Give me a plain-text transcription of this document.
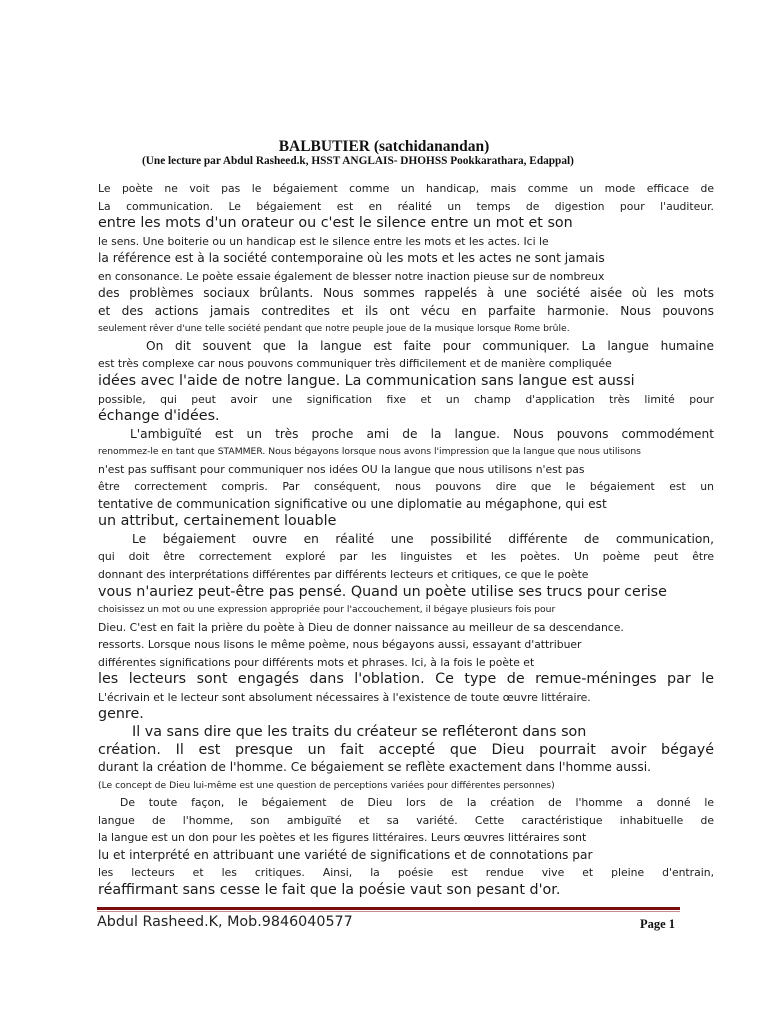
BALBUTIER (satchidanandan)
(Une lecture par Abdul Rasheed.k, HSST ANGLAIS- DHOHSS Pookkarathara, Edappal)
Le poète ne voit pas le bégaiement comme un handicap, mais comme un mode efficace de
La communication. Le bégaiement est en réalité un temps de digestion pour l'auditeur.
entre les mots d'un orateur ou c'est le silence entre un mot et son
le sens. Une boiterie ou un handicap est le silence entre les mots et les actes. Ici le
la référence est à la société contemporaine où les mots et les actes ne sont jamais
en consonance. Le poète essaie également de blesser notre inaction pieuse sur de nombreux
des problèmes sociaux brûlants. Nous sommes rappelés à une société aisée où les mots
et des actions jamais contredites et ils ont vécu en parfaite harmonie. Nous pouvons
seulement rêver d'une telle société pendant que notre peuple joue de la musique lorsque Rome brûle.
On dit souvent que la langue est faite pour communiquer. La langue humaine
est très complexe car nous pouvons communiquer très difficilement et de manière compliquée
idées avec l'aide de notre langue. La communication sans langue est aussi
possible, qui peut avoir une signification fixe et un champ d'application très limité pour
échange d'idées.
L'ambiguïté est un très proche ami de la langue. Nous pouvons commodément
renommez-le en tant que STAMMER. Nous bégayons lorsque nous avons l'impression que la langue que nous utilisons
n'est pas suffisant pour communiquer nos idées OU la langue que nous utilisons n'est pas
être correctement compris. Par conséquent, nous pouvons dire que le bégaiement est un
tentative de communication significative ou une diplomatie au mégaphone, qui est
un attribut, certainement louable
Le bégaiement ouvre en réalité une possibilité différente de communication,
qui doit être correctement exploré par les linguistes et les poètes. Un poème peut être
donnant des interprétations différentes par différents lecteurs et critiques, ce que le poète
vous n'auriez peut-être pas pensé. Quand un poète utilise ses trucs pour cerise
choisissez un mot ou une expression appropriée pour l'accouchement, il bégaye plusieurs fois pour
Dieu. C'est en fait la prière du poète à Dieu de donner naissance au meilleur de sa descendance.
ressorts. Lorsque nous lisons le même poème, nous bégayons aussi, essayant d'attribuer
différentes significations pour différents mots et phrases. Ici, à la fois le poète et
les lecteurs sont engagés dans l'oblation. Ce type de remue-méninges par le
L'écrivain et le lecteur sont absolument nécessaires à l'existence de toute œuvre littéraire.
genre.
Il va sans dire que les traits du créateur se refléteront dans son
création. Il est presque un fait accepté que Dieu pourrait avoir bégayé
durant la création de l'homme. Ce bégaiement se reflète exactement dans l'homme aussi.
(Le concept de Dieu lui-même est une question de perceptions variées pour différentes personnes)
De toute façon, le bégaiement de Dieu lors de la création de l'homme a donné le
langue de l'homme, son ambiguïté et sa variété. Cette caractéristique inhabituelle de
la langue est un don pour les poètes et les figures littéraires. Leurs œuvres littéraires sont
lu et interprété en attribuant une variété de significations et de connotations par
les lecteurs et les critiques. Ainsi, la poésie est rendue vive et pleine d'entrain,
réaffirmant sans cesse le fait que la poésie vaut son pesant d'or.
Abdul Rasheed.K, Mob.9846040577	Page 1
